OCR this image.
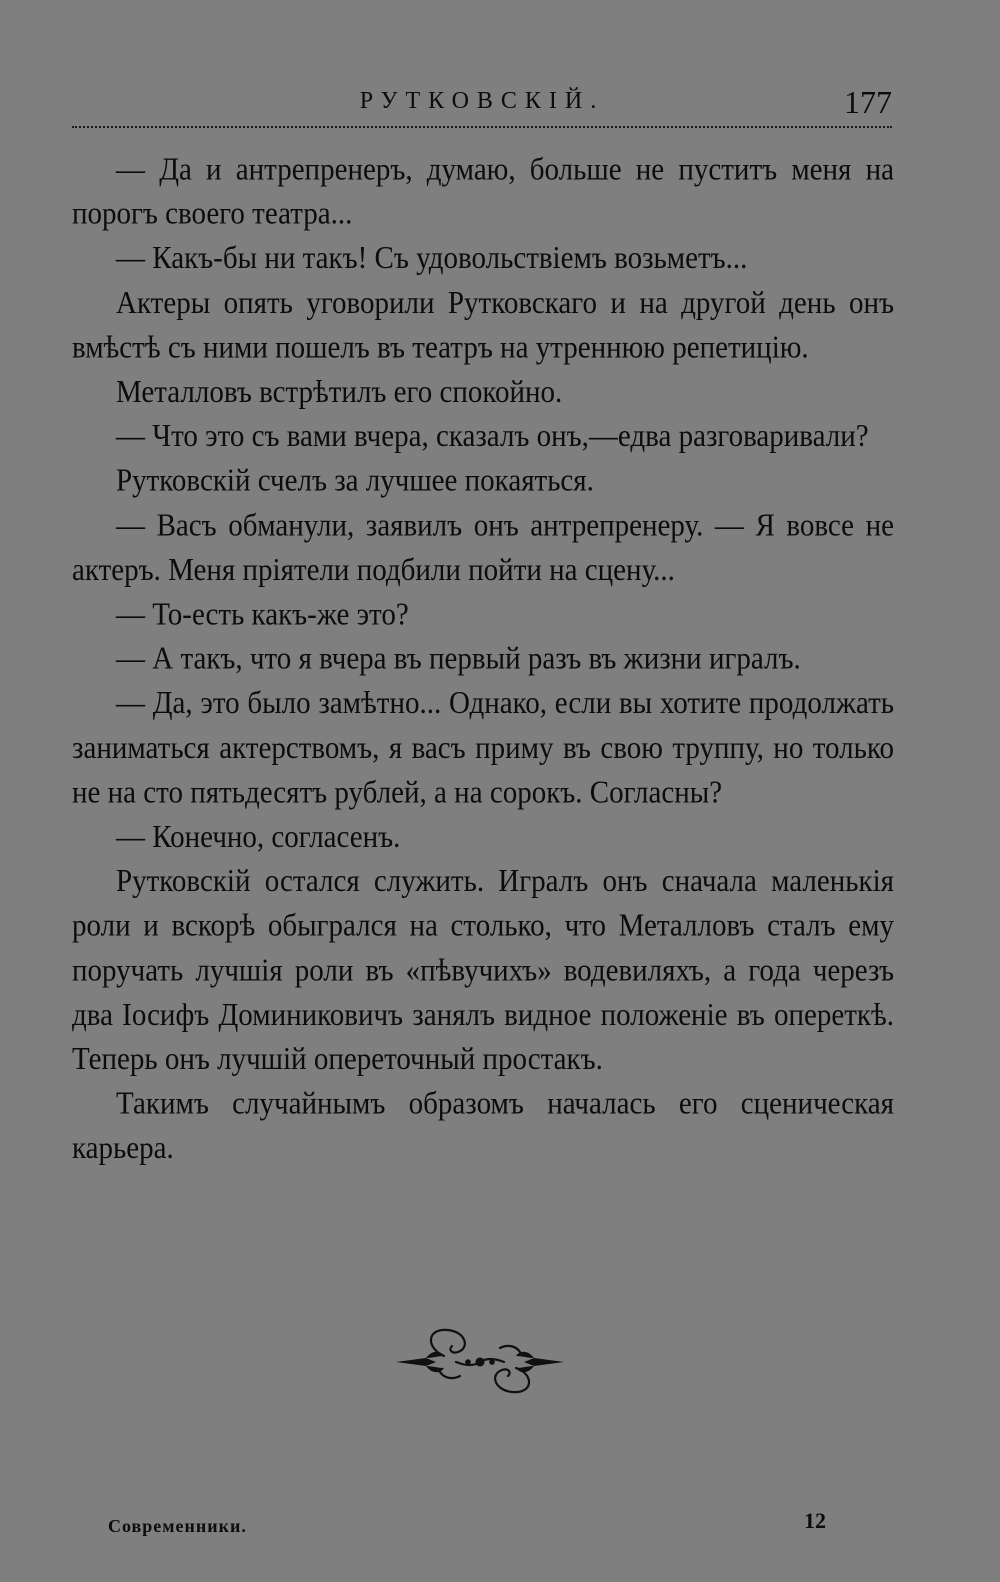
РУТКОВСКІЙ.	177

— Да и антрепренеръ, думаю, больше не пуститъ меня на порогъ своего театра...

— Какъ-бы ни такъ! Съ удовольствіемъ возьметъ...

Актеры опять уговорили Рутковскаго и на другой день онъ вмѣстѣ съ ними пошелъ въ театръ на утреннюю репетицію.

Металловъ встрѣтилъ его спокойно.

— Что это съ вами вчера, сказалъ онъ,—едва разговаривали?

Рутковскій счелъ за лучшее покаяться.

— Васъ обманули, заявилъ онъ антрепренеру. — Я вовсе не актеръ. Меня пріятели подбили пойти на сцену...

— То-есть какъ-же это?

— А такъ, что я вчера въ первый разъ въ жизни игралъ.

— Да, это было замѣтно... Однако, если вы хотите продолжать заниматься актерствомъ, я васъ приму въ свою труппу, но только не на сто пятьдесятъ рублей, а на сорокъ. Согласны?

— Конечно, согласенъ.

Рутковскій остался служить. Игралъ онъ сначала маленькія роли и вскорѣ обыгрался на столько, что Металловъ сталъ ему поручать лучшія роли въ «пѣвучихъ» водевиляхъ, а года черезъ два Іосифъ Доминиковичъ занялъ видное положеніе въ опереткѣ. Теперь онъ лучшій опереточный простакъ.

Такимъ случайнымъ образомъ началась его сценическая карьера.

Современники.	12
